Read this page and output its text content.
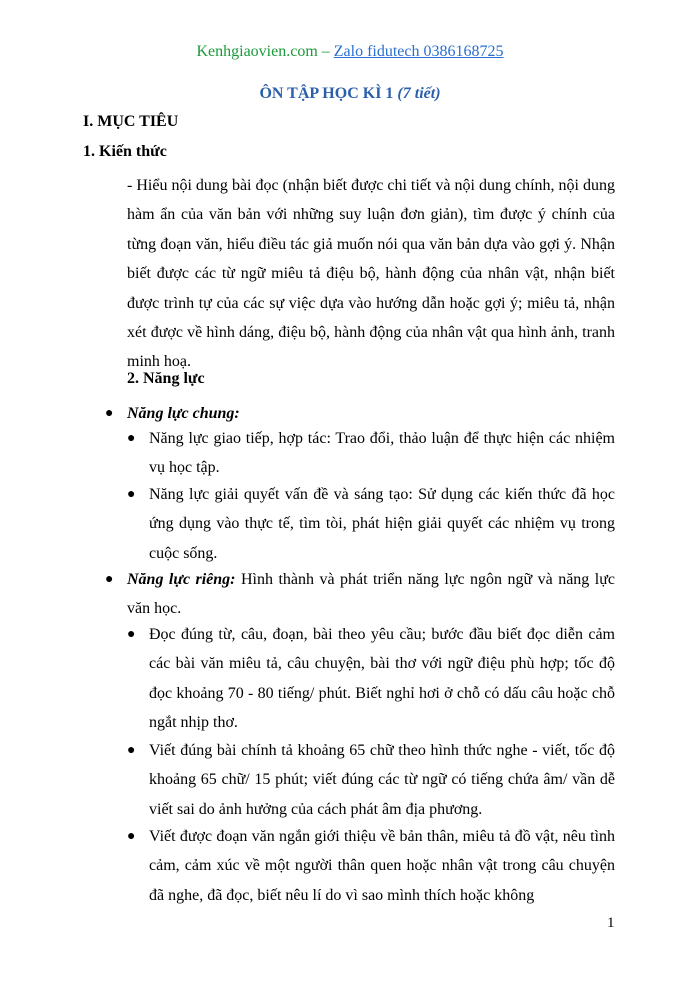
Kenhgiaovien.com – Zalo fidutech 0386168725
ÔN TẬP HỌC KÌ 1 (7 tiết)
I. MỤC TIÊU
1. Kiến thức
- Hiểu nội dung bài đọc (nhận biết được chi tiết và nội dung chính, nội dung hàm ẩn của văn bản với những suy luận đơn giản), tìm được ý chính của từng đoạn văn, hiểu điều tác giả muốn nói qua văn bản dựa vào gợi ý. Nhận biết được các từ ngữ miêu tả điệu bộ, hành động của nhân vật, nhận biết được trình tự của các sự việc dựa vào hướng dẫn hoặc gợi ý; miêu tả, nhận xét được về hình dáng, điệu bộ, hành động của nhân vật qua hình ảnh, tranh minh hoạ.
2. Năng lực
● Năng lực chung:
● Năng lực giao tiếp, hợp tác: Trao đổi, thảo luận để thực hiện các nhiệm vụ học tập.
● Năng lực giải quyết vấn đề và sáng tạo: Sử dụng các kiến thức đã học ứng dụng vào thực tế, tìm tòi, phát hiện giải quyết các nhiệm vụ trong cuộc sống.
● Năng lực riêng: Hình thành và phát triển năng lực ngôn ngữ và năng lực văn học.
● Đọc đúng từ, câu, đoạn, bài theo yêu cầu; bước đầu biết đọc diễn cảm các bài văn miêu tả, câu chuyện, bài thơ với ngữ điệu phù hợp; tốc độ đọc khoảng 70 - 80 tiếng/ phút. Biết nghỉ hơi ở chỗ có dấu câu hoặc chỗ ngắt nhịp thơ.
● Viết đúng bài chính tả khoảng 65 chữ theo hình thức nghe - viết, tốc độ khoảng 65 chữ/ 15 phút; viết đúng các từ ngữ có tiếng chứa âm/ vần dễ viết sai do ảnh hưởng của cách phát âm địa phương.
● Viết được đoạn văn ngắn giới thiệu về bản thân, miêu tả đồ vật, nêu tình cảm, cảm xúc về một người thân quen hoặc nhân vật trong câu chuyện đã nghe, đã đọc, biết nêu lí do vì sao mình thích hoặc không
1
